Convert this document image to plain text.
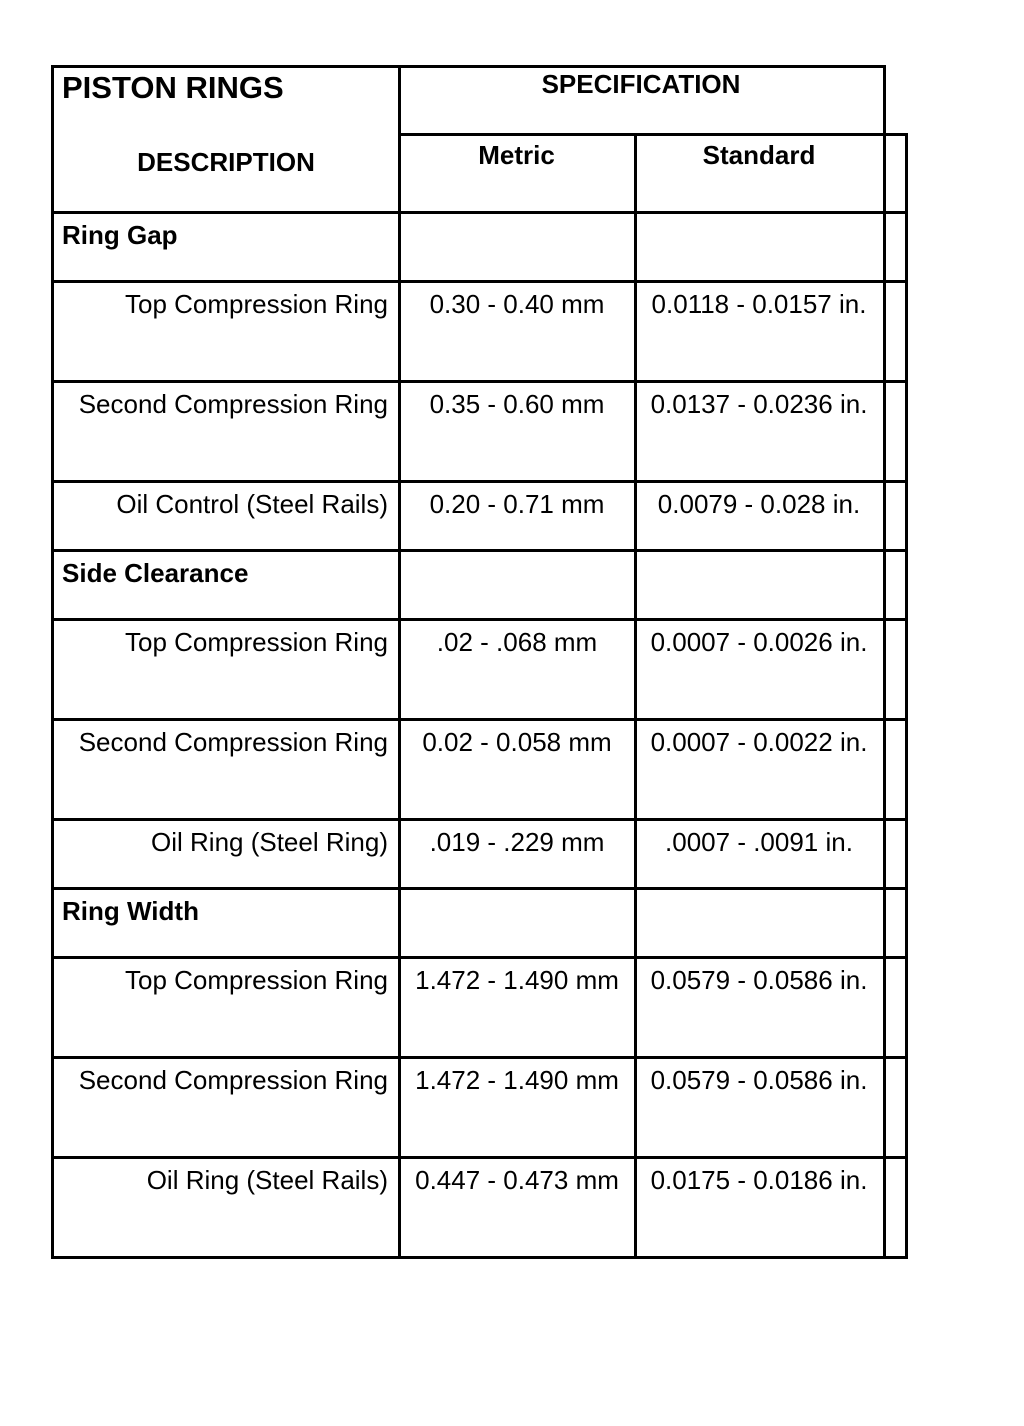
PISTON RINGS
DESCRIPTION
SPECIFICATION
Metric	Standard
Ring Gap
Top Compression Ring	0.30 - 0.40 mm	0.0118 - 0.0157 in.
Second Compression Ring	0.35 - 0.60 mm	0.0137 - 0.0236 in.
Oil Control (Steel Rails)	0.20 - 0.71 mm	0.0079 - 0.028 in.
Side Clearance
Top Compression Ring	.02 - .068 mm	0.0007 - 0.0026 in.
Second Compression Ring	0.02 - 0.058 mm	0.0007 - 0.0022 in.
Oil Ring (Steel Ring)	.019 - .229 mm	.0007 - .0091 in.
Ring Width
Top Compression Ring 1.472 - 1.490 mm 0.0579 - 0.0586 in.
Second Compression Ring 1.472 - 1.490 mm 0.0579 - 0.0586 in.
Oil Ring (Steel Rails) 0.447 - 0.473 mm 0.0175 - 0.0186 in.
